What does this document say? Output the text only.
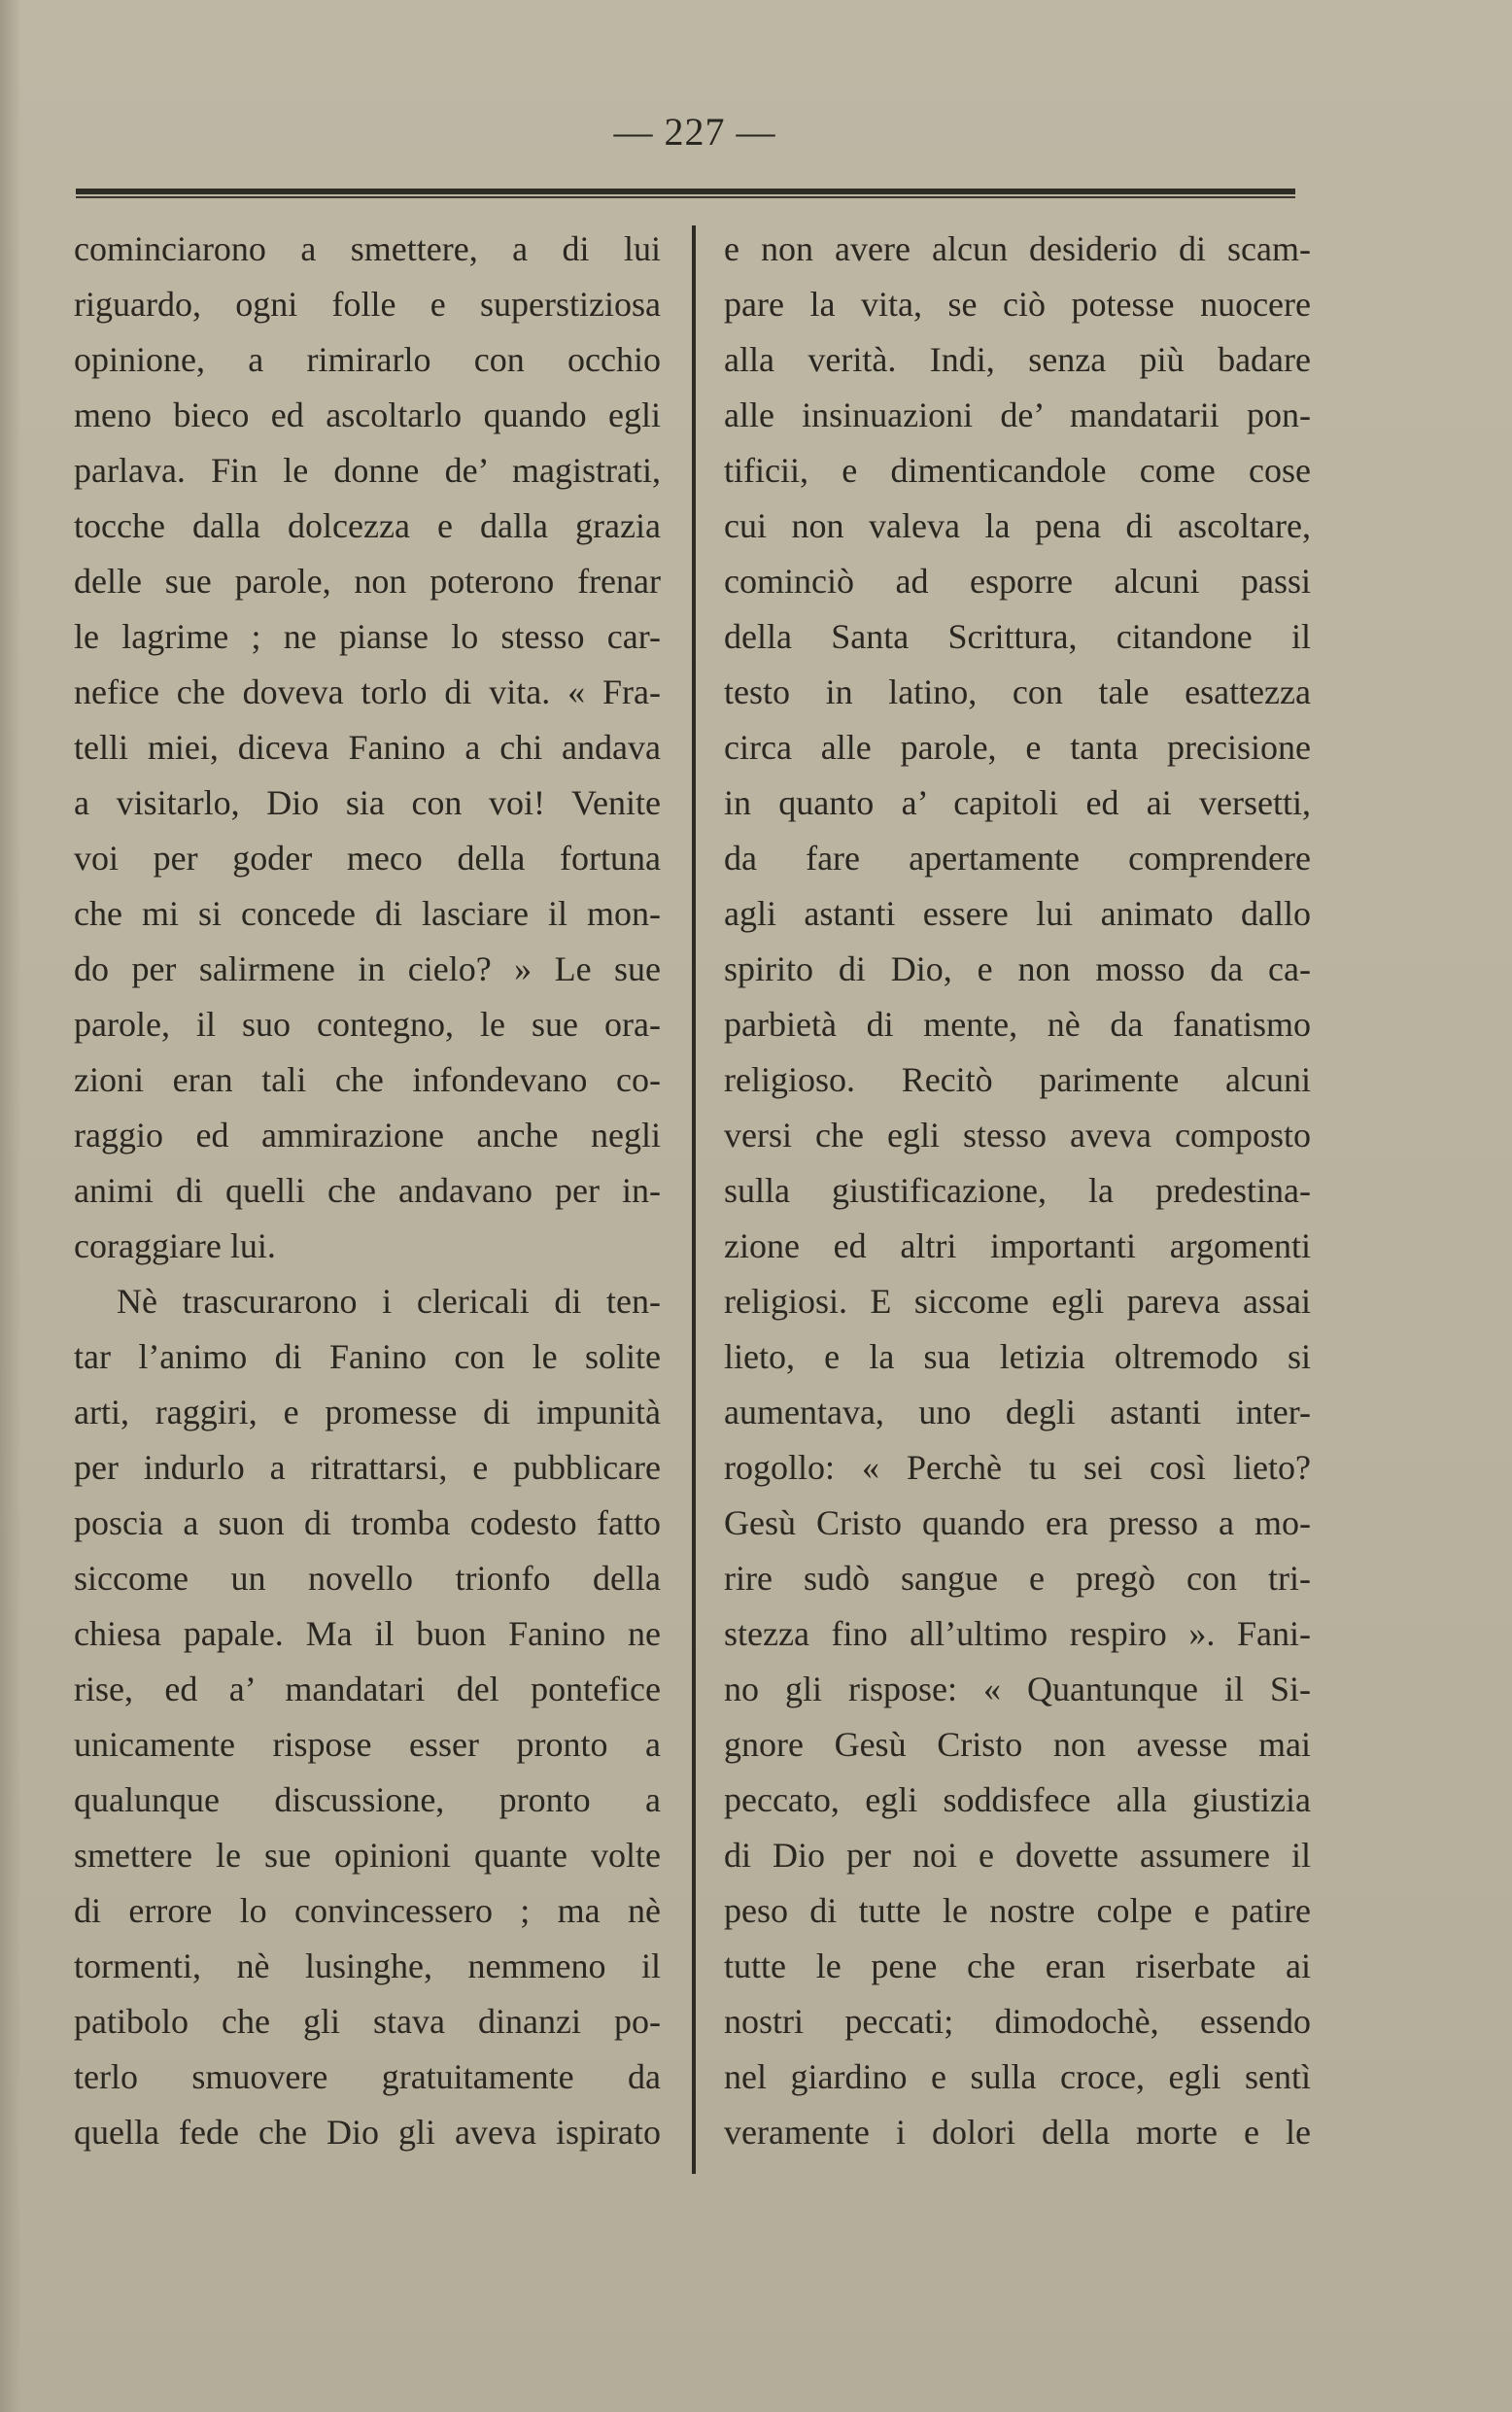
— 227 —
cominciarono a smettere, a di lui
riguardo, ogni folle e superstiziosa
opinione, a rimirarlo con occhio
meno bieco ed ascoltarlo quando egli
parlava. Fin le donne de’ magistrati,
tocche dalla dolcezza e dalla grazia
delle sue parole, non poterono frenar
le lagrime ; ne pianse lo stesso car-
nefice che doveva torlo di vita. « Fra-
telli miei, diceva Fanino a chi andava
a visitarlo, Dio sia con voi! Venite
voi per goder meco della fortuna
che mi si concede di lasciare il mon-
do per salirmene in cielo? » Le sue
parole, il suo contegno, le sue ora-
zioni eran tali che infondevano co-
raggio ed ammirazione anche negli
animi di quelli che andavano per in-
coraggiare lui.
Nè trascurarono i clericali di ten-
tar l’animo di Fanino con le solite
arti, raggiri, e promesse di impunità
per indurlo a ritrattarsi, e pubblicare
poscia a suon di tromba codesto fatto
siccome un novello trionfo della
chiesa papale. Ma il buon Fanino ne
rise, ed a’ mandatari del pontefice
unicamente rispose esser pronto a
qualunque discussione, pronto a
smettere le sue opinioni quante volte
di errore lo convincessero ; ma nè
tormenti, nè lusinghe, nemmeno il
patibolo che gli stava dinanzi po-
terlo smuovere gratuitamente da
quella fede che Dio gli aveva ispirato
e non avere alcun desiderio di scam-
pare la vita, se ciò potesse nuocere
alla verità. Indi, senza più badare
alle insinuazioni de’ mandatarii pon-
tificii, e dimenticandole come cose
cui non valeva la pena di ascoltare,
cominciò ad esporre alcuni passi
della Santa Scrittura, citandone il
testo in latino, con tale esattezza
circa alle parole, e tanta precisione
in quanto a’ capitoli ed ai versetti,
da fare apertamente comprendere
agli astanti essere lui animato dallo
spirito di Dio, e non mosso da ca-
parbietà di mente, nè da fanatismo
religioso. Recitò parimente alcuni
versi che egli stesso aveva composto
sulla giustificazione, la predestina-
zione ed altri importanti argomenti
religiosi. E siccome egli pareva assai
lieto, e la sua letizia oltremodo si
aumentava, uno degli astanti inter-
rogollo: « Perchè tu sei così lieto?
Gesù Cristo quando era presso a mo-
rire sudò sangue e pregò con tri-
stezza fino all’ultimo respiro ». Fani-
no gli rispose: « Quantunque il Si-
gnore Gesù Cristo non avesse mai
peccato, egli soddisfece alla giustizia
di Dio per noi e dovette assumere il
peso di tutte le nostre colpe e patire
tutte le pene che eran riserbate ai
nostri peccati; dimodochè, essendo
nel giardino e sulla croce, egli sentì
veramente i dolori della morte e le
